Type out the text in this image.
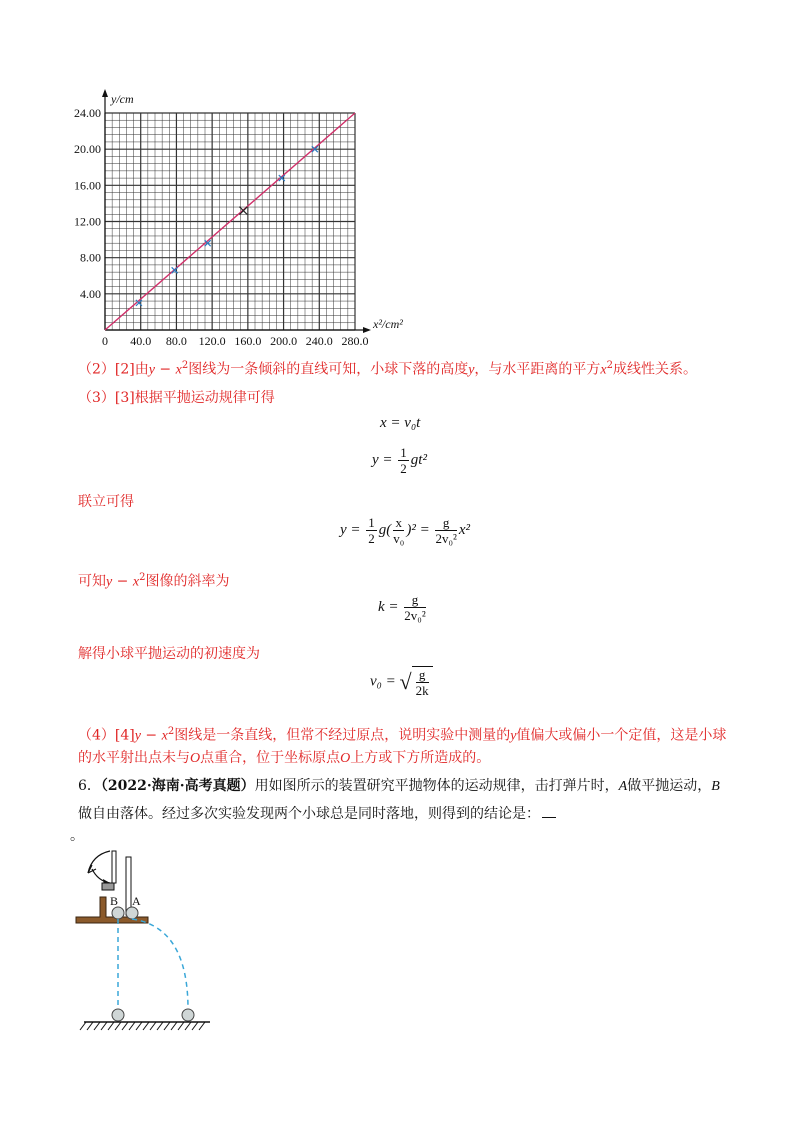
0 40.0 80.0 120.0 160.0 200.0 240.0 280.0
4.00
8.00
12.00
16.00
20.00
24.00
y/cm
x²/cm²
（2）[2]由$y - x^2$图线为一条倾斜的直线可知，小球下落的高度y，与水平距离的平方$x^2$成线性关系。
（3）[3]根据平抛运动规律可得
x = v₀t
$y = \frac{1}{2} gt^2$
联立可得
$y = \frac{1}{2} g( \frac{x}{\text{v₀}} )^2 = \frac{g}{\text{2v₀²}} x^2$
可知$y - x^2$图像的斜率为
$k = \frac{g}{\text{2v₀²}}$
解得小球平抛运动的初速度为
v₀ = √ $\frac{g}{2k}$
$(4)[4]y - x^2$图线是一条直线，但常不经过原点，说明实验中测量的y值偏大或偏小一个定值，这是小球
的水平射出点未与O点重合，位于坐标原点O上方或下方所造成的。
6．（2022·海南·高考真题）用如图所示的装置研究平抛物体的运动规律，击打弹片时，A做平抛运动，B
做自由落体。经过多次实验发现两个小球总是同时落地，则得到的结论是：
。
B A
